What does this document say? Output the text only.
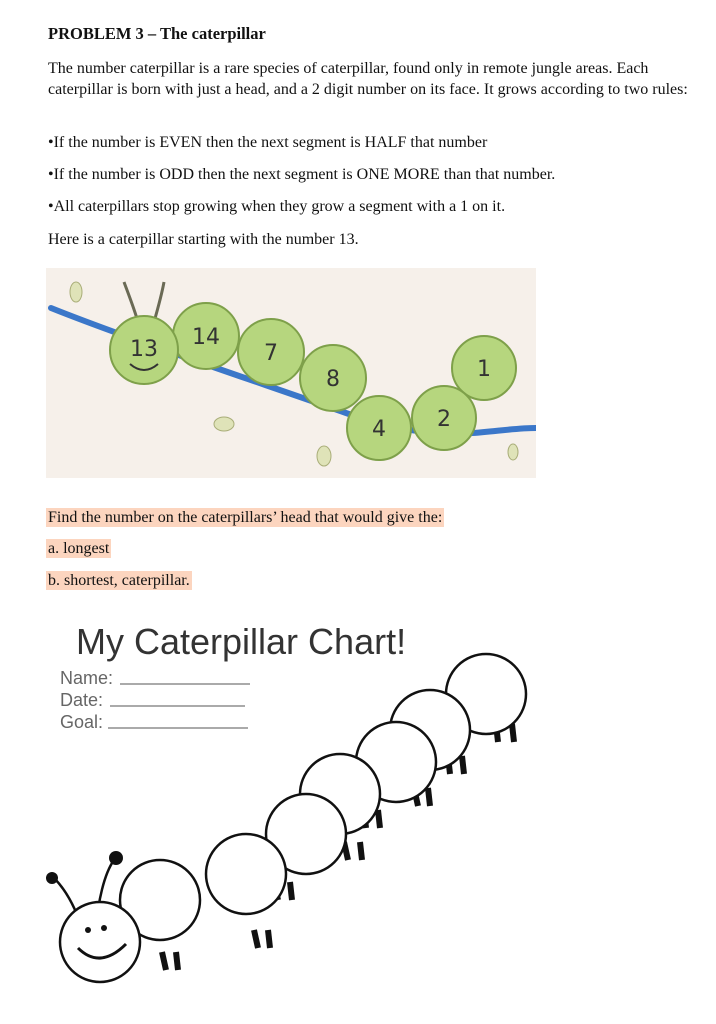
PROBLEM 3 – The caterpillar
The number caterpillar is a rare species of caterpillar, found only in remote jungle areas. Each caterpillar is born with just a head, and a 2 digit number on its face. It grows according to two rules:
•If the number is EVEN then the next segment is HALF that number
•If the number is ODD then the next segment is ONE MORE than that number.
•All caterpillars stop growing when they grow a segment with a 1 on it.
Here is a caterpillar starting with the number 13.
1
2
4
8
7
14
13
Find the number on the caterpillars’ head that would give the:
a. longest
b. shortest, caterpillar.
My Caterpillar Chart!
Name:
Date:
Goal:
